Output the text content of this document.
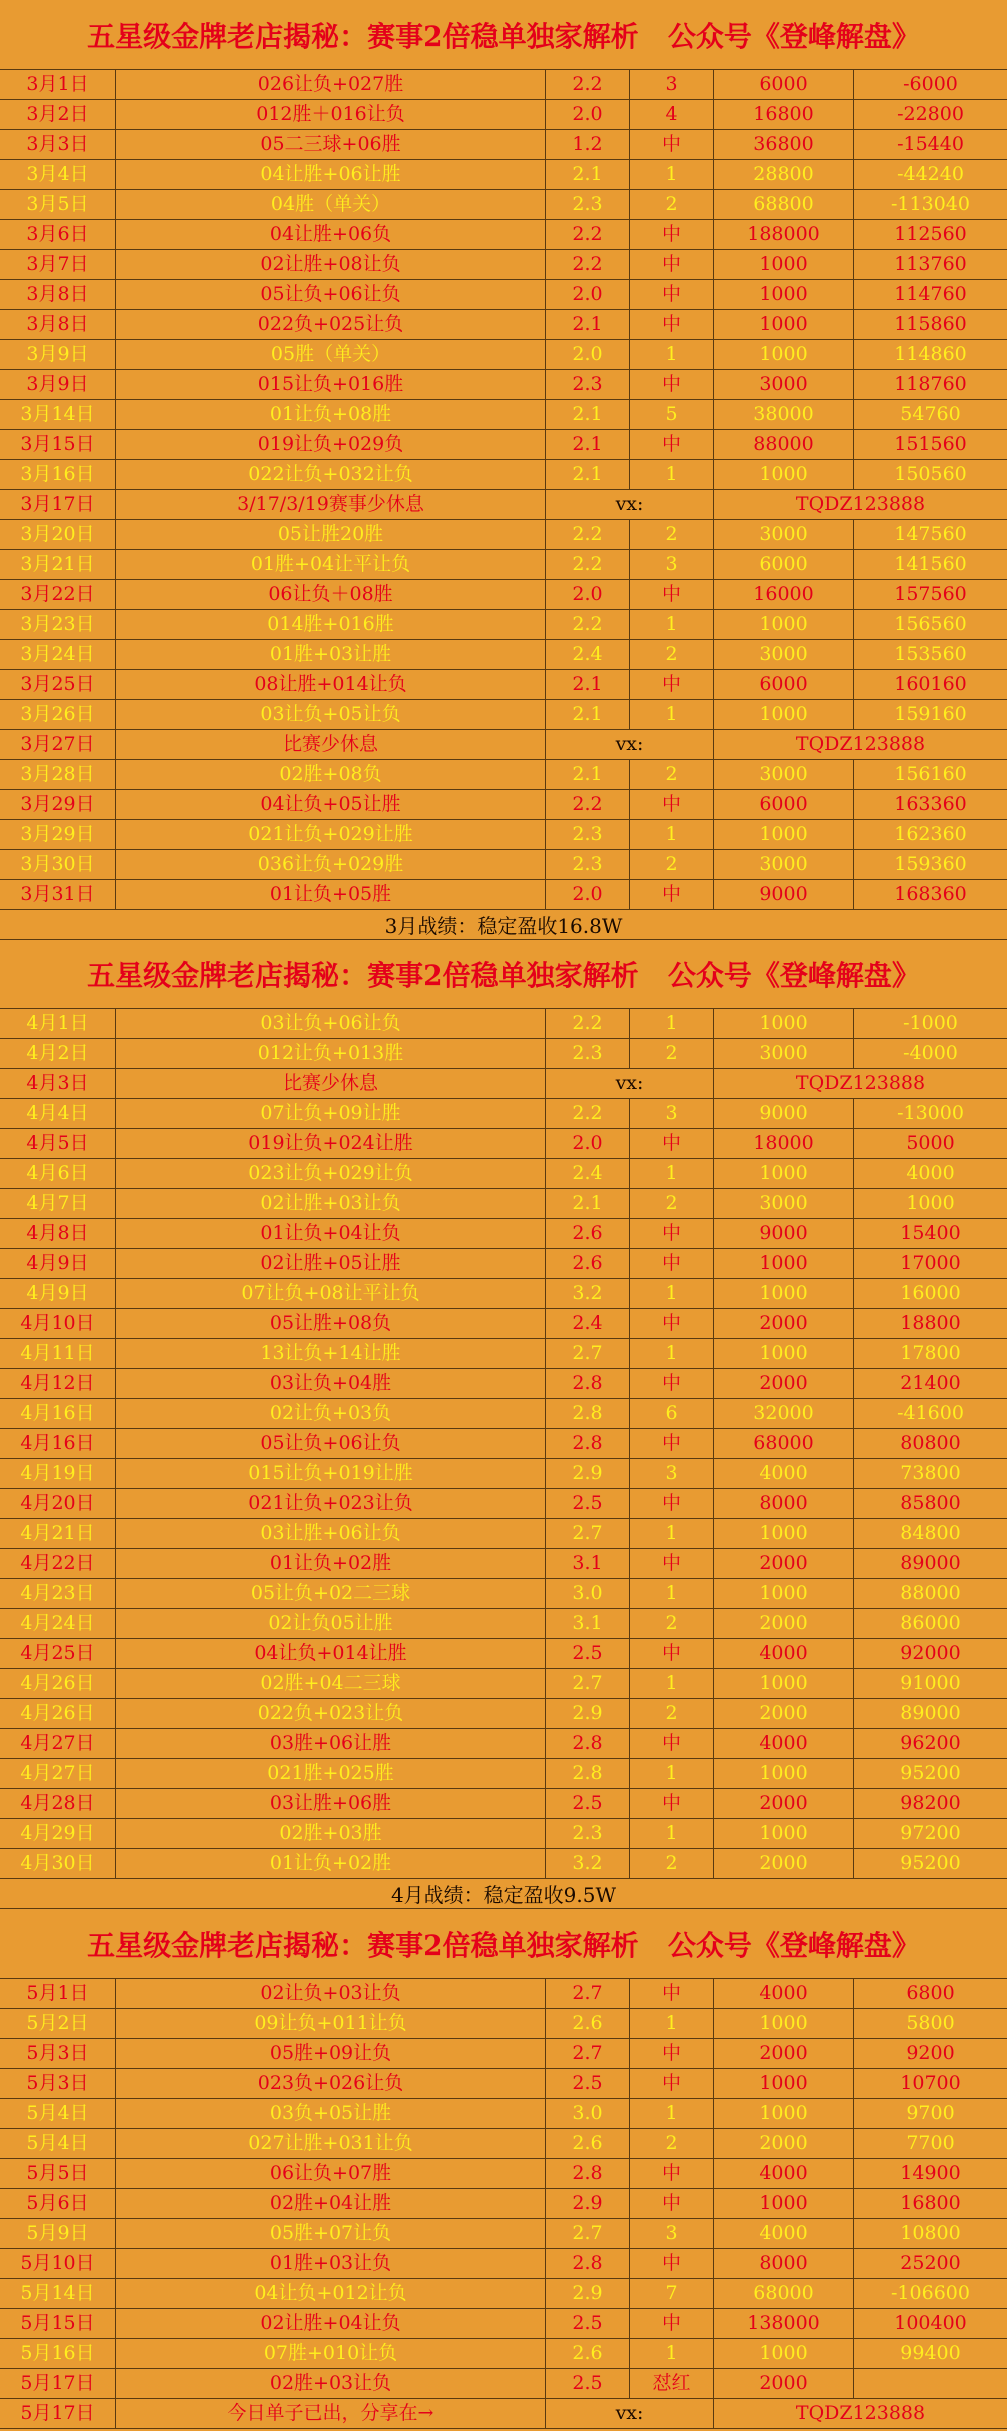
五星级金牌老店揭秘：赛事2倍稳单独家解析   公众号《登峰解盘》
3月1日	026让负+027胜	2.2	3	6000	-6000
3月2日	012胜＋016让负	2.0	4	16800	-22800
3月3日	05二三球+06胜	1.2	中	36800	-15440
3月4日	04让胜+06让胜	2.1	1	28800	-44240
3月5日	04胜（单关）	2.3	2	68800	-113040
3月6日	04让胜+06负	2.2	中	188000	112560
3月7日	02让胜+08让负	2.2	中	1000	113760
3月8日	05让负+06让负	2.0	中	1000	114760
3月8日	022负+025让负	2.1	中	1000	115860
3月9日	05胜（单关）	2.0	1	1000	114860
3月9日	015让负+016胜	2.3	中	3000	118760
3月14日	01让负+08胜	2.1	5	38000	54760
3月15日	019让负+029负	2.1	中	88000	151560
3月16日	022让负+032让负	2.1	1	1000	150560
3月17日	3/17/3/19赛事少休息	vx:	TQDZ123888
3月20日	05让胜20胜	2.2	2	3000	147560
3月21日	01胜+04让平让负	2.2	3	6000	141560
3月22日	06让负＋08胜	2.0	中	16000	157560
3月23日	014胜+016胜	2.2	1	1000	156560
3月24日	01胜+03让胜	2.4	2	3000	153560
3月25日	08让胜+014让负	2.1	中	6000	160160
3月26日	03让负+05让负	2.1	1	1000	159160
3月27日	比赛少休息	vx:	TQDZ123888
3月28日	02胜+08负	2.1	2	3000	156160
3月29日	04让负+05让胜	2.2	中	6000	163360
3月29日	021让负+029让胜	2.3	1	1000	162360
3月30日	036让负+029胜	2.3	2	3000	159360
3月31日	01让负+05胜	2.0	中	9000	168360
3月战绩：稳定盈收16.8W
五星级金牌老店揭秘：赛事2倍稳单独家解析   公众号《登峰解盘》
4月1日	03让负+06让负	2.2	1	1000	-1000
4月2日	012让负+013胜	2.3	2	3000	-4000
4月3日	比赛少休息	vx:	TQDZ123888
4月4日	07让负+09让胜	2.2	3	9000	-13000
4月5日	019让负+024让胜	2.0	中	18000	5000
4月6日	023让负+029让负	2.4	1	1000	4000
4月7日	02让胜+03让负	2.1	2	3000	1000
4月8日	01让负+04让负	2.6	中	9000	15400
4月9日	02让胜+05让胜	2.6	中	1000	17000
4月9日	07让负+08让平让负	3.2	1	1000	16000
4月10日	05让胜+08负	2.4	中	2000	18800
4月11日	13让负+14让胜	2.7	1	1000	17800
4月12日	03让负+04胜	2.8	中	2000	21400
4月16日	02让负+03负	2.8	6	32000	-41600
4月16日	05让负+06让负	2.8	中	68000	80800
4月19日	015让负+019让胜	2.9	3	4000	73800
4月20日	021让负+023让负	2.5	中	8000	85800
4月21日	03让胜+06让负	2.7	1	1000	84800
4月22日	01让负+02胜	3.1	中	2000	89000
4月23日	05让负+02二三球	3.0	1	1000	88000
4月24日	02让负05让胜	3.1	2	2000	86000
4月25日	04让负+014让胜	2.5	中	4000	92000
4月26日	02胜+04二三球	2.7	1	1000	91000
4月26日	022负+023让负	2.9	2	2000	89000
4月27日	03胜+06让胜	2.8	中	4000	96200
4月27日	021胜+025胜	2.8	1	1000	95200
4月28日	03让胜+06胜	2.5	中	2000	98200
4月29日	02胜+03胜	2.3	1	1000	97200
4月30日	01让负+02胜	3.2	2	2000	95200
4月战绩：稳定盈收9.5W
五星级金牌老店揭秘：赛事2倍稳单独家解析   公众号《登峰解盘》
5月1日	02让负+03让负	2.7	中	4000	6800
5月2日	09让负+011让负	2.6	1	1000	5800
5月3日	05胜+09让负	2.7	中	2000	9200
5月3日	023负+026让负	2.5	中	1000	10700
5月4日	03负+05让胜	3.0	1	1000	9700
5月4日	027让胜+031让负	2.6	2	2000	7700
5月5日	06让负+07胜	2.8	中	4000	14900
5月6日	02胜+04让胜	2.9	中	1000	16800
5月9日	05胜+07让负	2.7	3	4000	10800
5月10日	01胜+03让负	2.8	中	8000	25200
5月14日	04让负+012让负	2.9	7	68000	-106600
5月15日	02让胜+04让负	2.5	中	138000	100400
5月16日	07胜+010让负	2.6	1	1000	99400
5月17日	02胜+03让负	2.5	怼红	2000
5月17日	今日单子已出，分享在→	vx:	TQDZ123888
